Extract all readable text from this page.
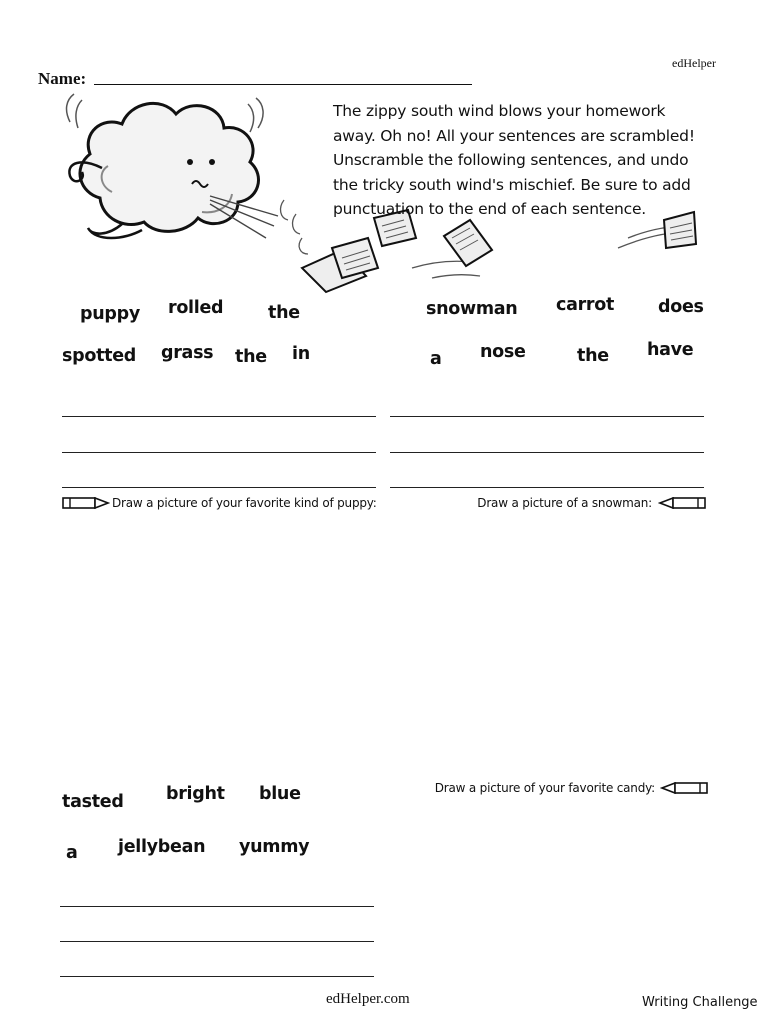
edHelper
Name:
The zippy south wind blows your homework
away. Oh no! All your sentences are scrambled!
Unscramble the following sentences, and undo
the tricky south wind's mischief. Be sure to add
punctuation to the end of each sentence.
puppy rolled	the
spotted grass the in
snowman carrot	does
a nose	the have
Draw a picture of your favorite kind of puppy:	Draw a picture of a snowman:
tasted bright blue
a jellybean yummy
Draw a picture of your favorite candy:
edHelper.com	Writing Challenge
